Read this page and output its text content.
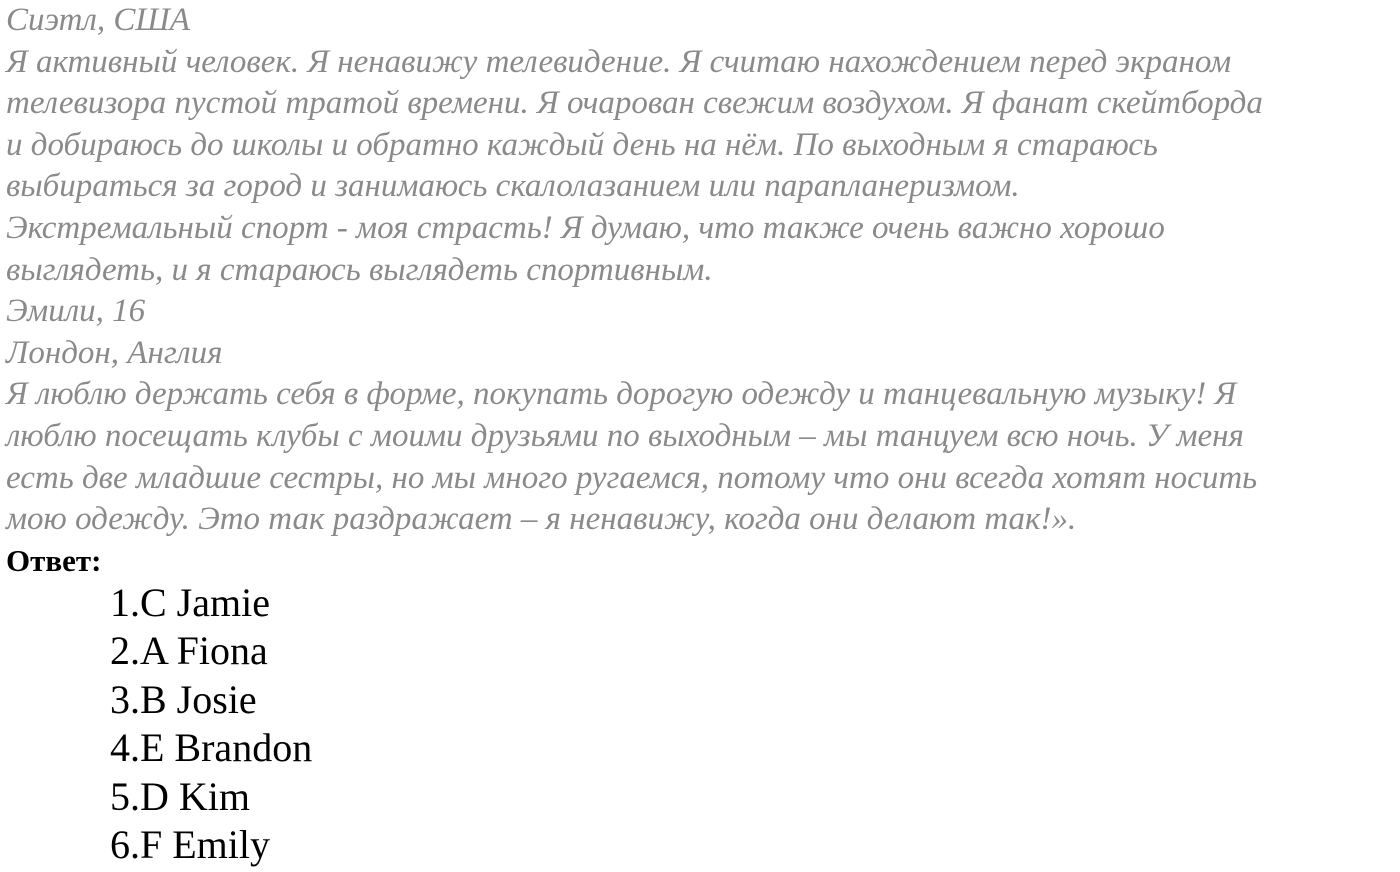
Сиэтл, США

Я активный человек. Я ненавижу телевидение. Я считаю нахождением перед экраном

телевизора пустой тратой времени. Я очарован свежим воздухом. Я фанат скейтборда

и добираюсь до школы и обратно каждый день на нём. По выходным я стараюсь

выбираться за город и занимаюсь скалолазанием или парапланеризмом.

Экстремальный спорт - моя страсть! Я думаю, что также очень важно хорошо

выглядеть, и я стараюсь выглядеть спортивным.

Эмили, 16

Лондон, Англия

Я люблю держать себя в форме, покупать дорогую одежду и танцевальную музыку! Я

люблю посещать клубы с моими друзьями по выходным – мы танцуем всю ночь. У меня

есть две младшие сестры, но мы много ругаемся, потому что они всегда хотят носить

мою одежду. Это так раздражает – я ненавижу, когда они делают так!».

Ответ:
1.C Jamie
2.A Fiona
3.B Josie
4.E Brandon
5.D Kim
6.F Emily
